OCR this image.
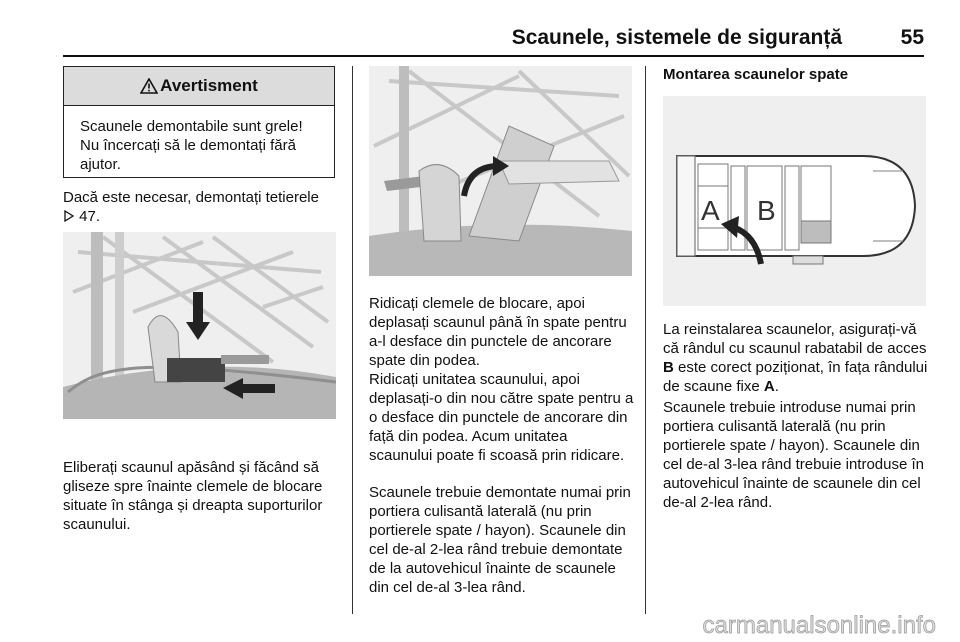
Scaunele, sistemele de siguranță	55
Avertisment
Scaunele demontabile sunt grele! Nu încercați să le demontați fără ajutor.

Dacă este necesar, demontați tetierele  47.

Eliberați scaunul apăsând și făcând să gliseze spre înainte clemele de blocare situate în stânga și dreapta suporturilor scaunului.

Ridicați clemele de blocare, apoi deplasați scaunul până în spate pentru a-l desface din punctele de ancorare spate din podea.

Ridicați unitatea scaunului, apoi deplasați-o din nou către spate pentru a o desface din punctele de ancorare din față din podea. Acum unitatea scaunului poate fi scoasă prin ridicare.

Scaunele trebuie demontate numai prin portiera culisantă laterală (nu prin portierele spate / hayon). Scaunele din cel de-al 2-lea rând trebuie demontate de la autovehicul înainte de scaunele din cel de-al 3-lea rând.

Montarea scaunelor spate

A B

La reinstalarea scaunelor, asigurați-vă că rândul cu scaunul rabatabil de acces B este corect poziționat, în fața rândului de scaune fixe A.

Scaunele trebuie introduse numai prin portiera culisantă laterală (nu prin portierele spate / hayon). Scaunele din cel de-al 3-lea rând trebuie introduse în autovehicul înainte de scaunele din cel de-al 2-lea rând.

carmanualsonline.info
